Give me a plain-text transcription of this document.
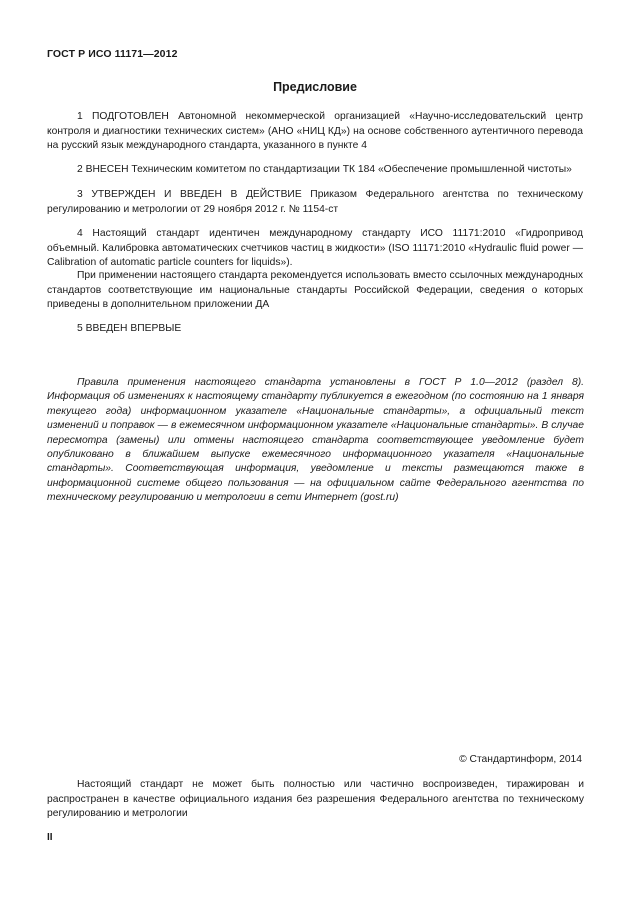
ГОСТ Р ИСО 11171—2012
Предисловие

1 ПОДГОТОВЛЕН Автономной некоммерческой организацией «Научно-исследовательский центр контроля и диагностики технических систем» (АНО «НИЦ КД») на основе собственного аутентичного перевода на русский язык международного стандарта, указанного в пункте 4

2 ВНЕСЕН Техническим комитетом по стандартизации ТК 184 «Обеспечение промышленной чистоты»

3 УТВЕРЖДЕН И ВВЕДЕН В ДЕЙСТВИЕ Приказом Федерального агентства по техническому регулированию и метрологии от 29 ноября 2012 г. № 1154-ст

4 Настоящий стандарт идентичен международному стандарту ИСО 11171:2010 «Гидропривод объемный. Калибровка автоматических счетчиков частиц в жидкости» (ISO 11171:2010 «Hydraulic fluid power — Calibration of automatic particle counters for liquids»).

При применении настоящего стандарта рекомендуется использовать вместо ссылочных международных стандартов соответствующие им национальные стандарты Российской Федерации, сведения о которых приведены в дополнительном приложении ДА

5 ВВЕДЕН ВПЕРВЫЕ

Правила применения настоящего стандарта установлены в ГОСТ Р 1.0—2012 (раздел 8). Информация об изменениях к настоящему стандарту публикуется в ежегодном (по состоянию на 1 января текущего года) информационном указателе «Национальные стандарты», а официальный текст изменений и поправок — в ежемесячном информационном указателе «Национальные стандарты». В случае пересмотра (замены) или отмены настоящего стандарта соответствующее уведомление будет опубликовано в ближайшем выпуске ежемесячного информационного указателя «Национальные стандарты». Соответствующая информация, уведомление и тексты размещаются также в информационной системе общего пользования — на официальном сайте Федерального агентства по техническому регулированию и метрологии в сети Интернет (gost.ru)

© Стандартинформ, 2014

Настоящий стандарт не может быть полностью или частично воспроизведен, тиражирован и распространен в качестве официального издания без разрешения Федерального агентства по техническому регулированию и метрологии

II
